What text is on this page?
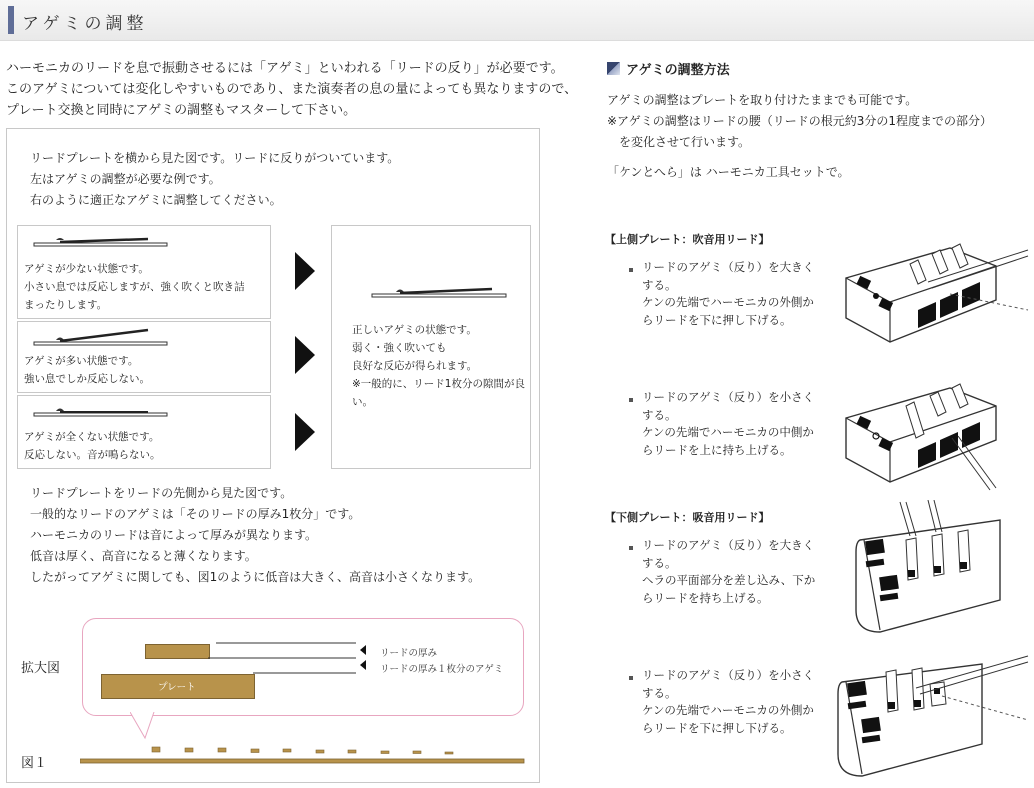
アゲミの調整
ハーモニカのリードを息で振動させるには「アゲミ」といわれる「リードの反り」が必要です。
このアゲミについては変化しやすいものであり、また演奏者の息の量によっても異なりますので、
プレート交換と同時にアゲミの調整もマスターして下さい。
リードプレートを横から見た図です。リードに反りがついています。
左はアゲミの調整が必要な例です。
右のように適正なアゲミに調整してください。
アゲミが少ない状態です。
小さい息では反応しますが、強く吹くと吹き詰
まったりします。
アゲミが多い状態です。
強い息でしか反応しない。
アゲミが全くない状態です。
反応しない。音が鳴らない。
正しいアゲミの状態です。
弱く・強く吹いても
良好な反応が得られます。
※一般的に、リード1枚分の隙間が良
い。
リードプレートをリードの先側から見た図です。
一般的なリードのアゲミは「そのリードの厚み1枚分」です。
ハーモニカのリードは音によって厚みが異なります。
低音は厚く、高音になると薄くなります。
したがってアゲミに関しても、図1のように低音は大きく、高音は小さくなります。
拡大図
プレート
リードの厚み
リードの厚み１枚分のアゲミ
図１
アゲミの調整方法
アゲミの調整はプレートを取り付けたままでも可能です。
※アゲミの調整はリードの腰（リードの根元約3分の1程度までの部分）
　を変化させて行います。
「ケンとへら」は ハーモニカ工具セットで。
【上側プレート：吹音用リード】
リードのアゲミ（反り）を大きく
する。
ケンの先端でハーモニカの外側か
らリードを下に押し下げる。
リードのアゲミ（反り）を小さく
する。
ケンの先端でハーモニカの中側か
らリードを上に持ち上げる。
【下側プレート：吸音用リード】
リードのアゲミ（反り）を大きく
する。
ヘラの平面部分を差し込み、下か
らリードを持ち上げる。
リードのアゲミ（反り）を小さく
する。
ケンの先端でハーモニカの外側か
らリードを下に押し下げる。
